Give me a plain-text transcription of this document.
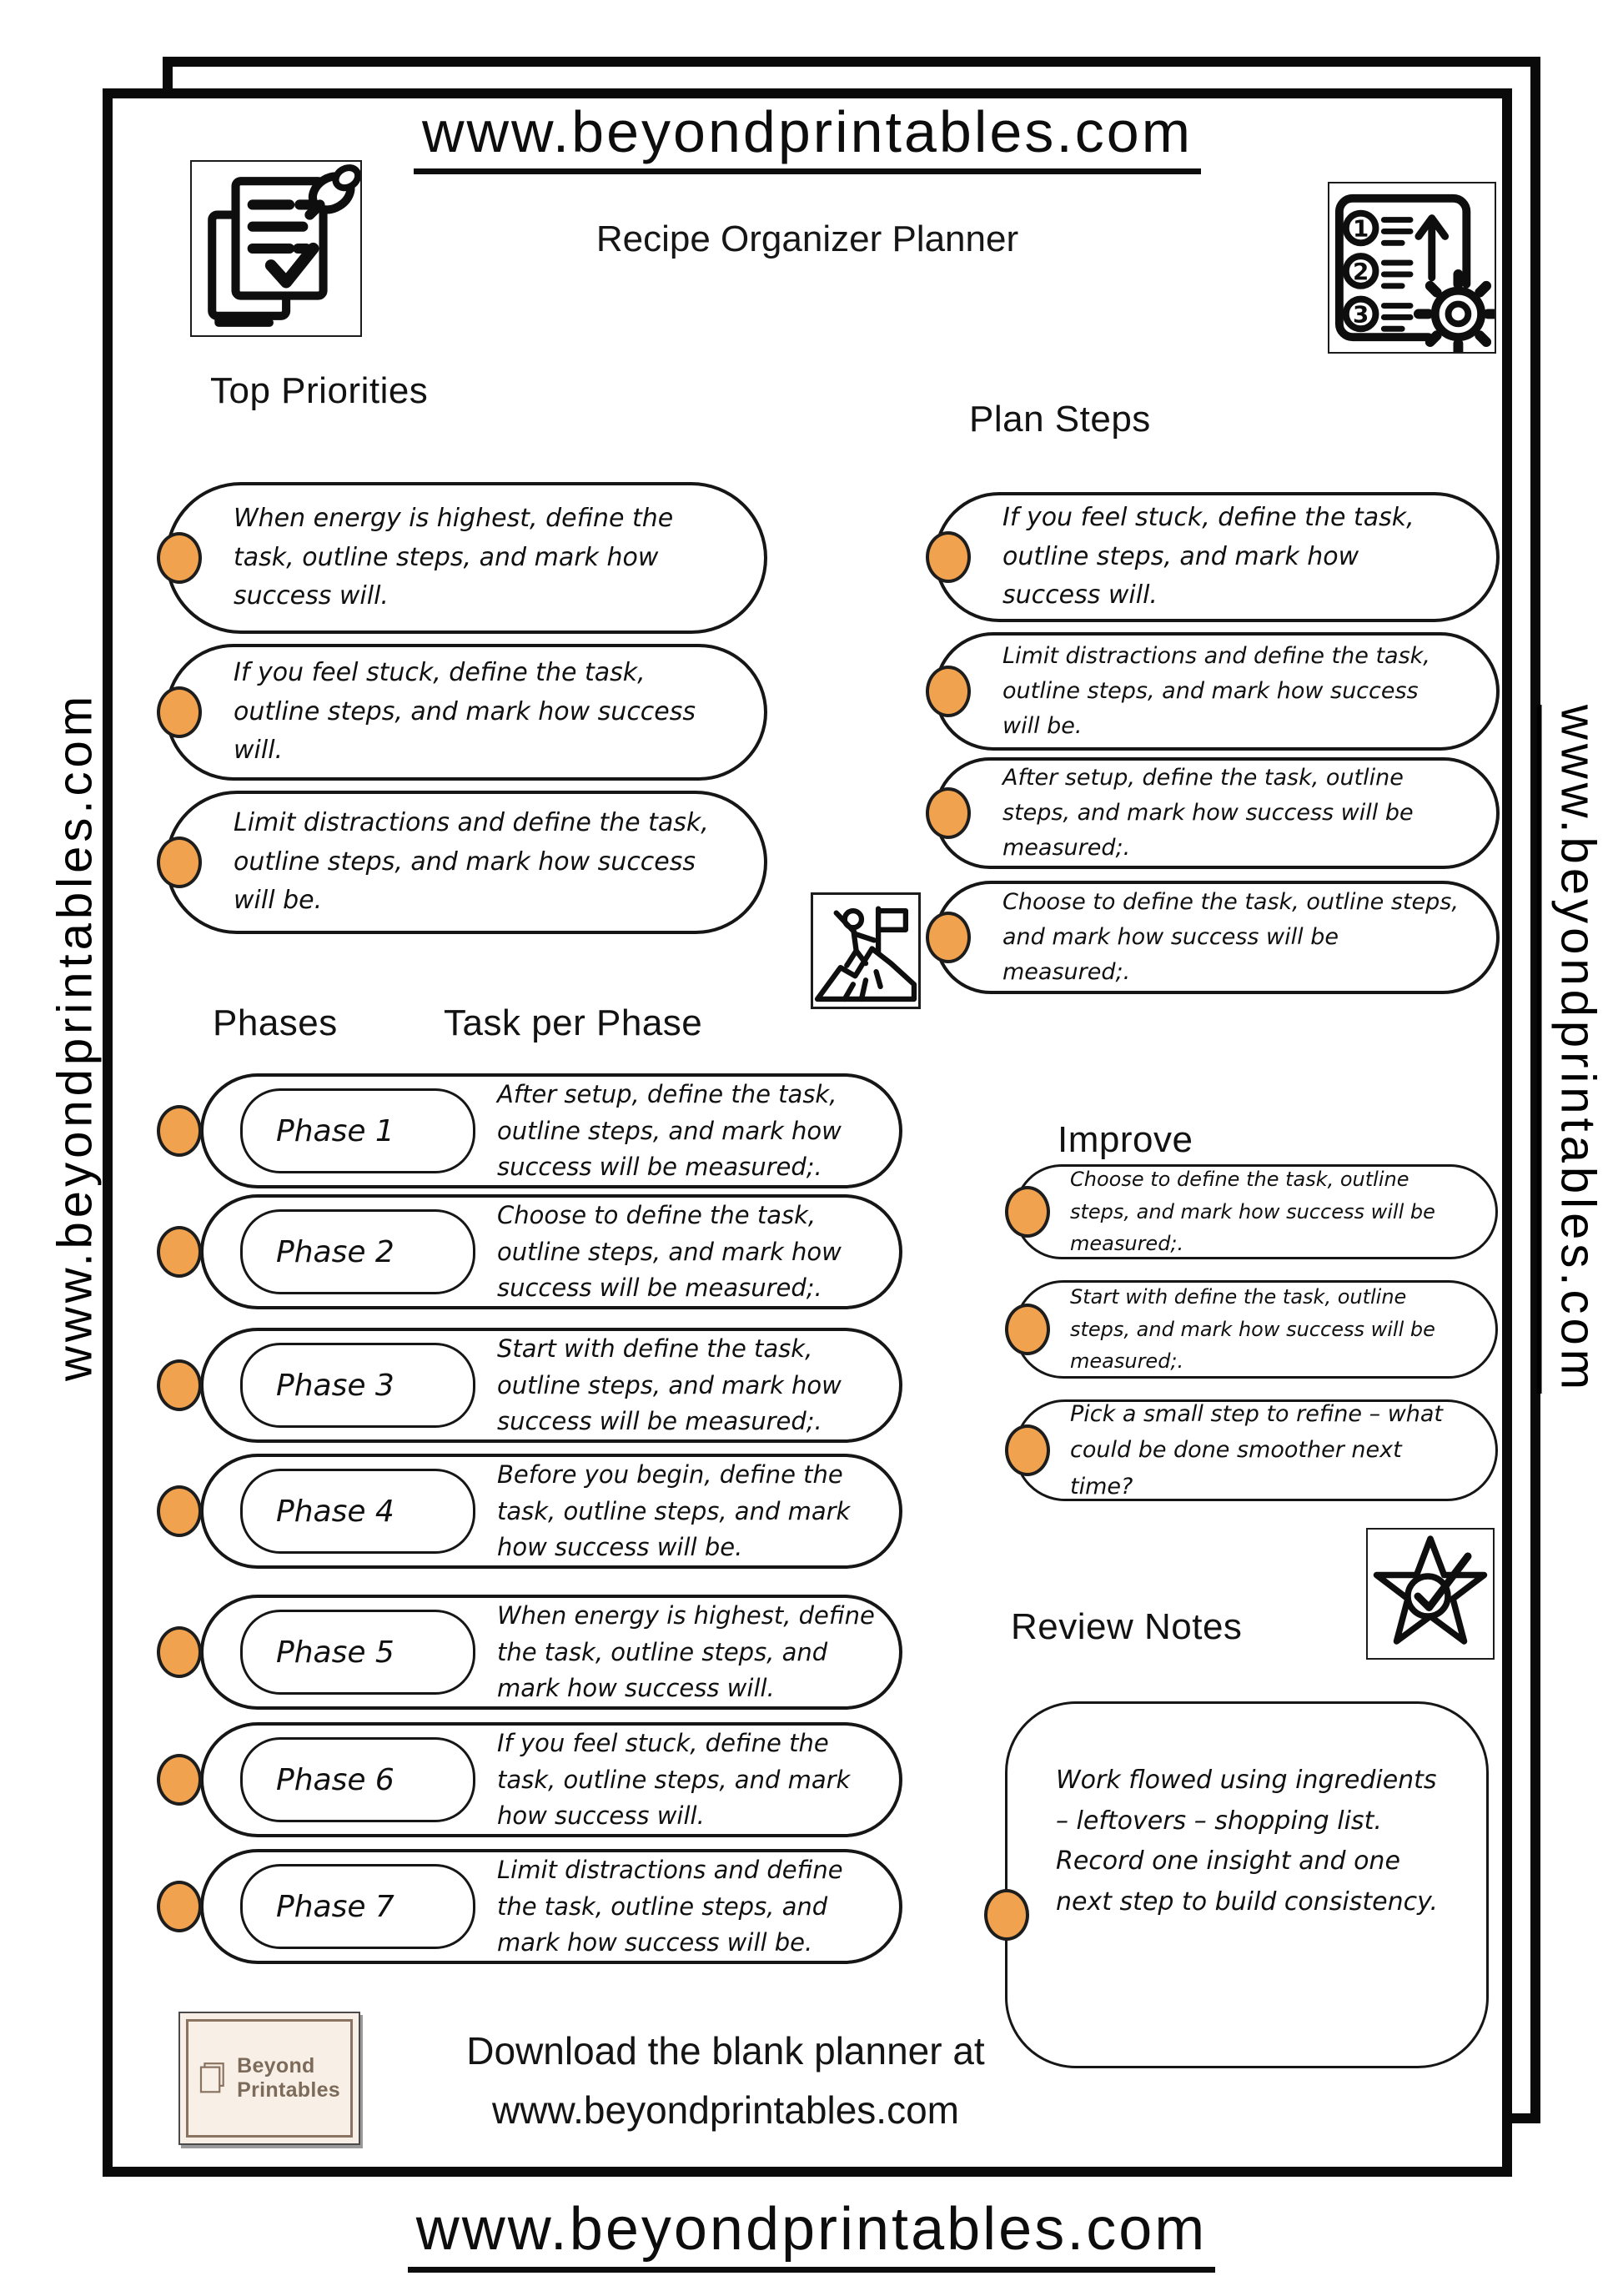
www.beyondprintables.com
Recipe Organizer Planner	1
2
3
www.beyondprintables.com	www.beyondprintables.com
Top Priorities
When energy is highest, define the task, outline steps, and mark how success will.
If you feel stuck, define the task, outline steps, and mark how success will.
Limit distractions and define the task, outline steps, and mark how success will be.
Plan Steps
If you feel stuck, define the task, outline steps, and mark how success will.
Limit distractions and define the task, outline steps, and mark how success will be.
After setup, define the task, outline steps, and mark how success will be measured;.
Choose to define the task, outline steps, and mark how success will be measured;.
Phases	Task per Phase
Phase 1
After setup, define the task, outline steps, and mark how success will be measured;.
Phase 2
Choose to define the task, outline steps, and mark how success will be measured;.
Phase 3
Start with define the task, outline steps, and mark how success will be measured;.
Phase 4
Before you begin, define the task, outline steps, and mark how success will be.
Phase 5
When energy is highest, define the task, outline steps, and mark how success will.
Phase 6
If you feel stuck, define the task, outline steps, and mark how success will.
Phase 7
Limit distractions and define the task, outline steps, and mark how success will be.
Improve
Choose to define the task, outline steps, and mark how success will be measured;.
Start with define the task, outline steps, and mark how success will be measured;.
Pick a small step to refine – what could be done smoother next time?
Review Notes
Work flowed using ingredients – leftovers – shopping list. Record one insight and one next step to build consistency.
Beyond
Printables
Download the blank planner at
www.beyondprintables.com
www.beyondprintables.com
